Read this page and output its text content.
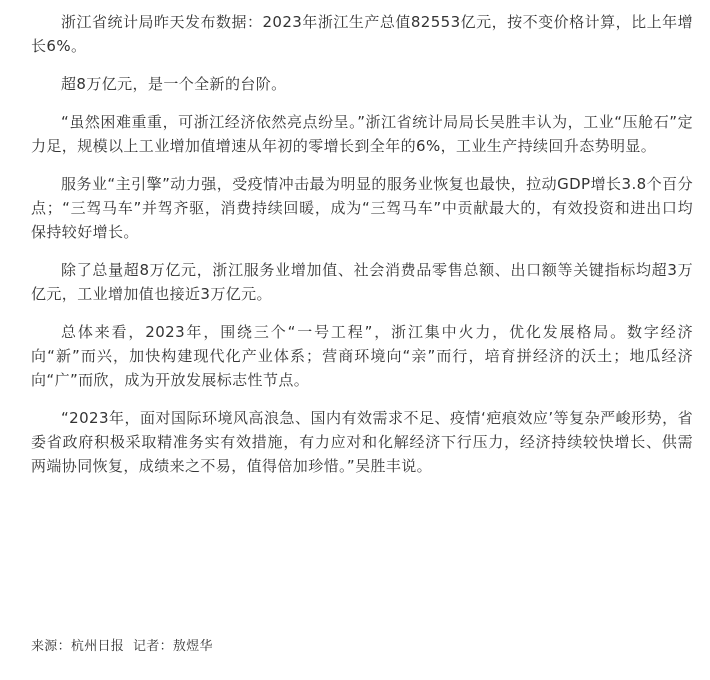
浙江省统计局昨天发布数据：2023年浙江生产总值82553亿元，按不变价格计算，比上年增长6%。

超8万亿元，是一个全新的台阶。

“虽然困难重重，可浙江经济依然亮点纷呈。”浙江省统计局局长吴胜丰认为，工业“压舱石”定力足，规模以上工业增加值增速从年初的零增长到全年的6%，工业生产持续回升态势明显。

服务业“主引擎”动力强，受疫情冲击最为明显的服务业恢复也最快，拉动GDP增长3.8个百分点；“三驾马车”并驾齐驱，消费持续回暖，成为“三驾马车”中贡献最大的，有效投资和进出口均保持较好增长。

除了总量超8万亿元，浙江服务业增加值、社会消费品零售总额、出口额等关键指标均超3万亿元，工业增加值也接近3万亿元。

总体来看，2023年，围绕三个“一号工程”，浙江集中火力，优化发展格局。数字经济向“新”而兴，加快构建现代化产业体系；营商环境向“亲”而行，培育拼经济的沃土；地瓜经济向“广”而欣，成为开放发展标志性节点。

“2023年，面对国际环境风高浪急、国内有效需求不足、疫情‘疤痕效应’等复杂严峻形势，省委省政府积极采取精准务实有效措施，有力应对和化解经济下行压力，经济持续较快增长、供需两端协同恢复，成绩来之不易，值得倍加珍惜。”吴胜丰说。

来源：杭州日报 记者：敖煜华
